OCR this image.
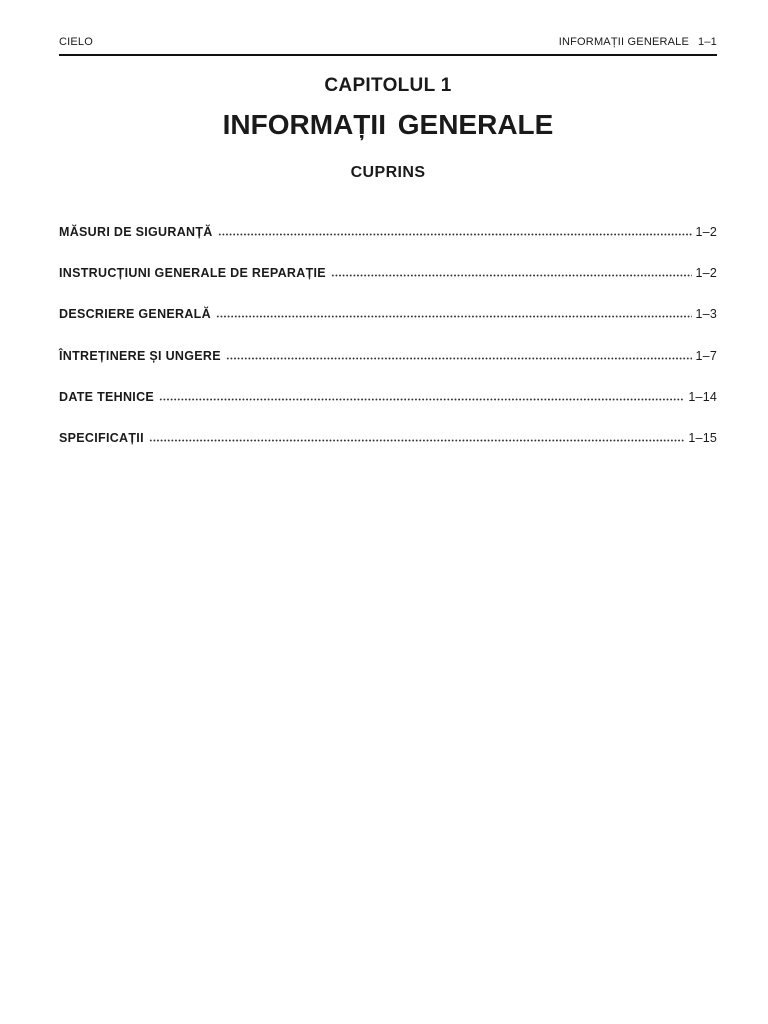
CIELO	INFORMAȚII GENERALE 1–1
CAPITOLUL 1
INFORMAȚII GENERALE
CUPRINS
MĂSURI DE SIGURANȚĂ	1–2
INSTRUCȚIUNI GENERALE DE REPARAȚIE	1–2
DESCRIERE GENERALĂ	1–3
ÎNTREȚINERE ȘI UNGERE	1–7
DATE TEHNICE	1–14
SPECIFICAȚII	1–15
